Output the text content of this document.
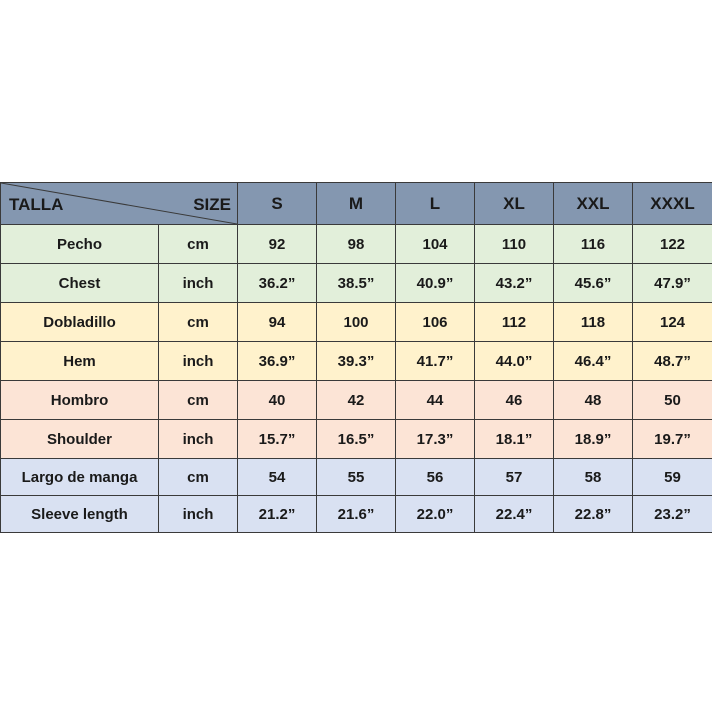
TALLA SIZE		S	M	L	XL	XXL	XXXL
Pecho	cm	92	98	104	110	116	122
Chest	inch	36.2”	38.5”	40.9”	43.2”	45.6”	47.9”
Dobladillo	cm	94	100	106	112	118	124
Hem	inch	36.9”	39.3”	41.7”	44.0”	46.4”	48.7”
Hombro	cm	40	42	44	46	48	50
Shoulder	inch	15.7”	16.5”	17.3”	18.1”	18.9”	19.7”
Largo de manga	cm	54	55	56	57	58	59
Sleeve length	inch	21.2”	21.6”	22.0”	22.4”	22.8”	23.2”
